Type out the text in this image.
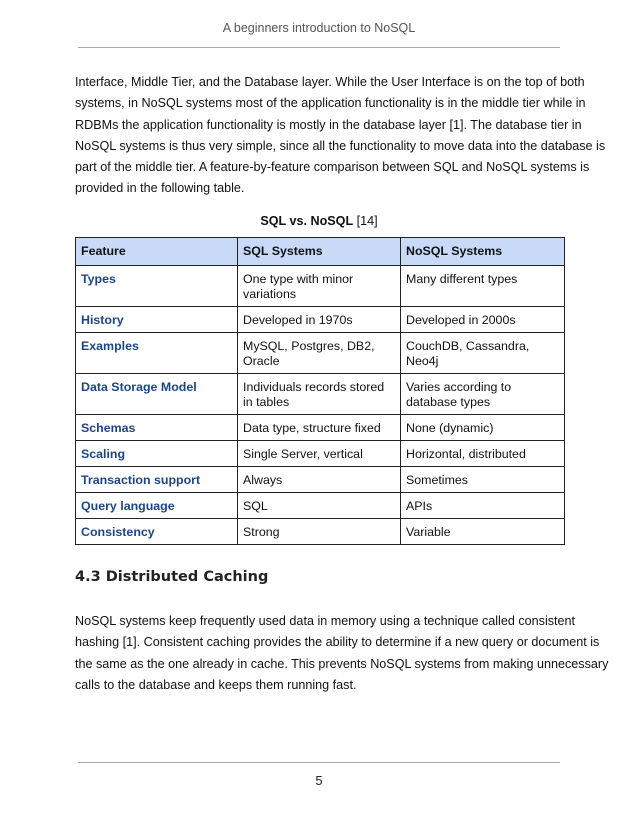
A beginners introduction to NoSQL
Interface, Middle Tier, and the Database layer. While the User Interface is on the top of both
systems, in NoSQL systems most of the application functionality is in the middle tier while in
RDBMs the application functionality is mostly in the database layer [1]. The database tier in
NoSQL systems is thus very simple, since all the functionality to move data into the database is
part of the middle tier. A feature-by-feature comparison between SQL and NoSQL systems is
provided in the following table.
SQL vs. NoSQL [14]
Feature	SQL Systems	NoSQL Systems
Types	One type with minor variations	Many different types
History	Developed in 1970s	Developed in 2000s
Examples	MySQL, Postgres, DB2, Oracle	CouchDB, Cassandra, Neo4j
Data Storage Model	Individuals records stored in tables	Varies according to database types
Schemas	Data type, structure fixed	None (dynamic)
Scaling	Single Server, vertical	Horizontal, distributed
Transaction support	Always	Sometimes
Query language	SQL	APIs
Consistency	Strong	Variable
4.3 Distributed Caching
NoSQL systems keep frequently used data in memory using a technique called consistent
hashing [1]. Consistent caching provides the ability to determine if a new query or document is
the same as the one already in cache. This prevents NoSQL systems from making unnecessary
calls to the database and keeps them running fast.
5
